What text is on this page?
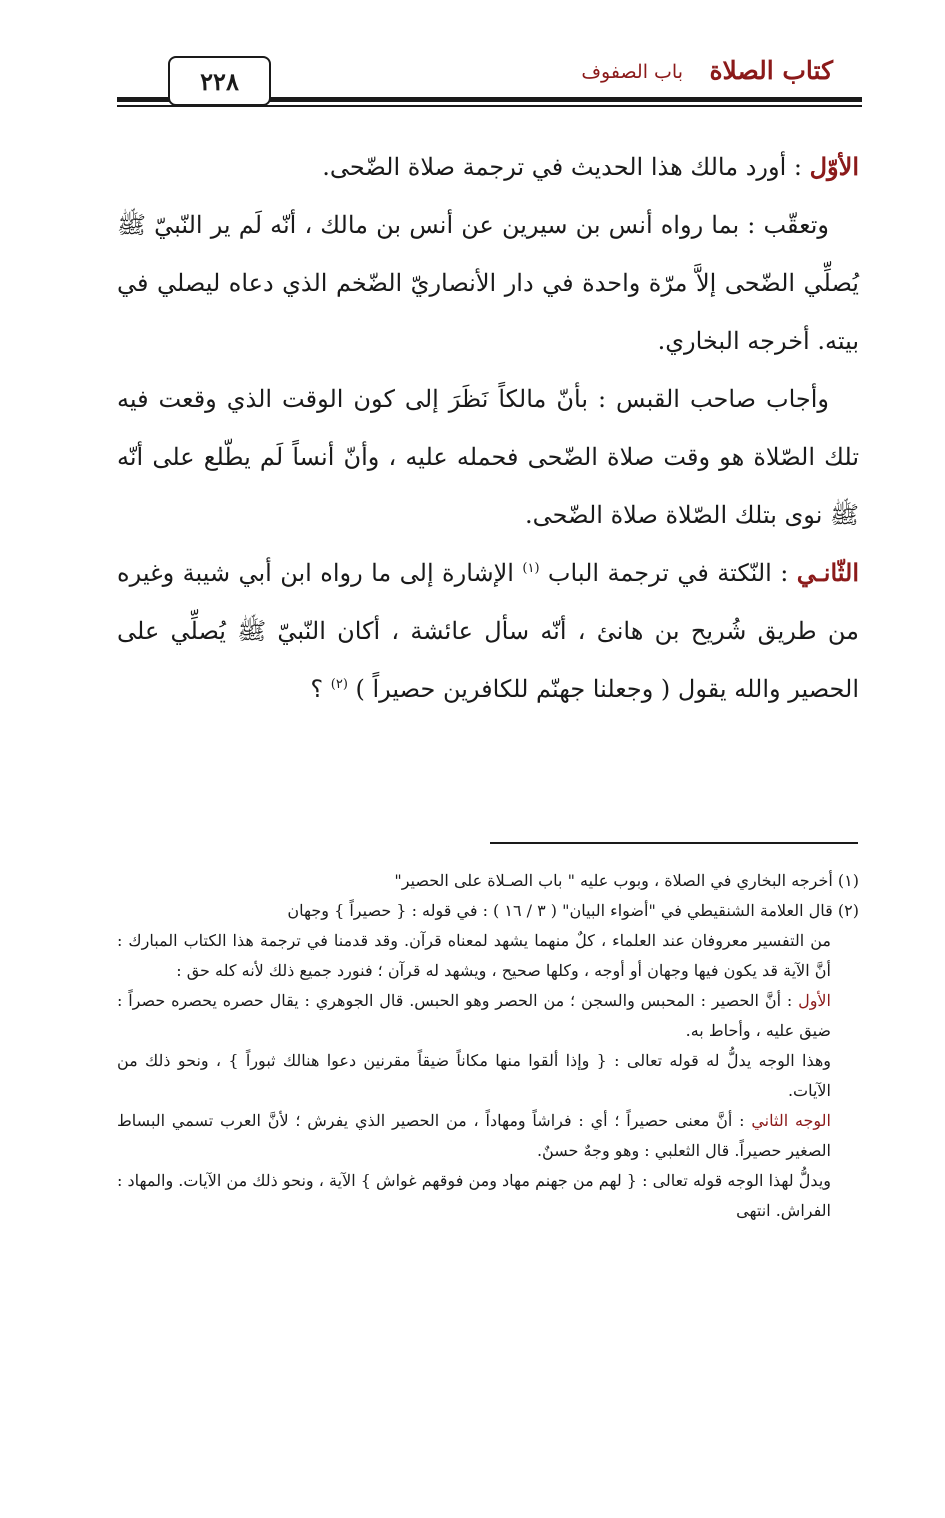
كتاب الصلاة
باب الصفوف
٢٢٨

الأوّل : أورد مالك هذا الحديث في ترجمة صلاة الضّحى.

وتعقّب : بما رواه أنس بن سيرين عن أنس بن مالك ، أنّه لَم ير النّبيّ ﷺ يُصلِّي الضّحى إلاَّ مرّة واحدة في دار الأنصاريّ الضّخم الذي دعاه ليصلي في بيته. أخرجه البخاري.

وأجاب صاحب القبس : بأنّ مالكاً نَظَرَ إلى كون الوقت الذي وقعت فيه تلك الصّلاة هو وقت صلاة الضّحى فحمله عليه ، وأنّ أنساً لَم يطّلع على أنّه ﷺ نوى بتلك الصّلاة صلاة الضّحى.

الثّانـي : النّكتة في ترجمة الباب $^{(١)}$ الإشارة إلى ما رواه ابن أبي شيبة وغيره من طريق شُريح بن هانئ ، أنّه سأل عائشة ، أكان النّبيّ ﷺ يُصلِّي على الحصير والله يقول ( وجعلنا جهنّم للكافرين حصيراً ) $^{(٢)}$ ؟

(١) أخرجه البخاري في الصلاة ، وبوب عليه " باب الصـلاة على الحصير"

(٢) قال العلامة الشنقيطي في "أضواء البيان" ( ٣ / ١٦ ) : في قوله : { حصيراً } وجهان

من التفسير معروفان عند العلماء ، كلٌ منهما يشهد لمعناه قرآن. وقد قدمنا في ترجمة هذا الكتاب المبارك : أنَّ الآية قد يكون فيها وجهان أو أوجه ، وكلها صحيح ، ويشهد له قرآن ؛ فنورد جميع ذلك لأنه كله حق :

الأول : أنَّ الحصير : المحبس والسجن ؛ من الحصر وهو الحبس. قال الجوهري : يقال حصره يحصره حصراً : ضيق عليه ، وأحاط به.

وهذا الوجه يدلُّ له قوله تعالى : { وإذا ألقوا منها مكاناً ضيقاً مقرنين دعوا هنالك ثبوراً } ، ونحو ذلك من الآيات.

الوجه الثاني : أنَّ معنى حصيراً ؛ أي : فراشاً ومهاداً ، من الحصير الذي يفرش ؛ لأنَّ العرب تسمي البساط الصغير حصيراً. قال الثعلبي : وهو وجهٌ حسنٌ.

ويدلُّ لهذا الوجه قوله تعالى : { لهم من جهنم مهاد ومن فوقهم غواش } الآية ، ونحو ذلك من الآيات. والمهاد : الفراش. انتهى
